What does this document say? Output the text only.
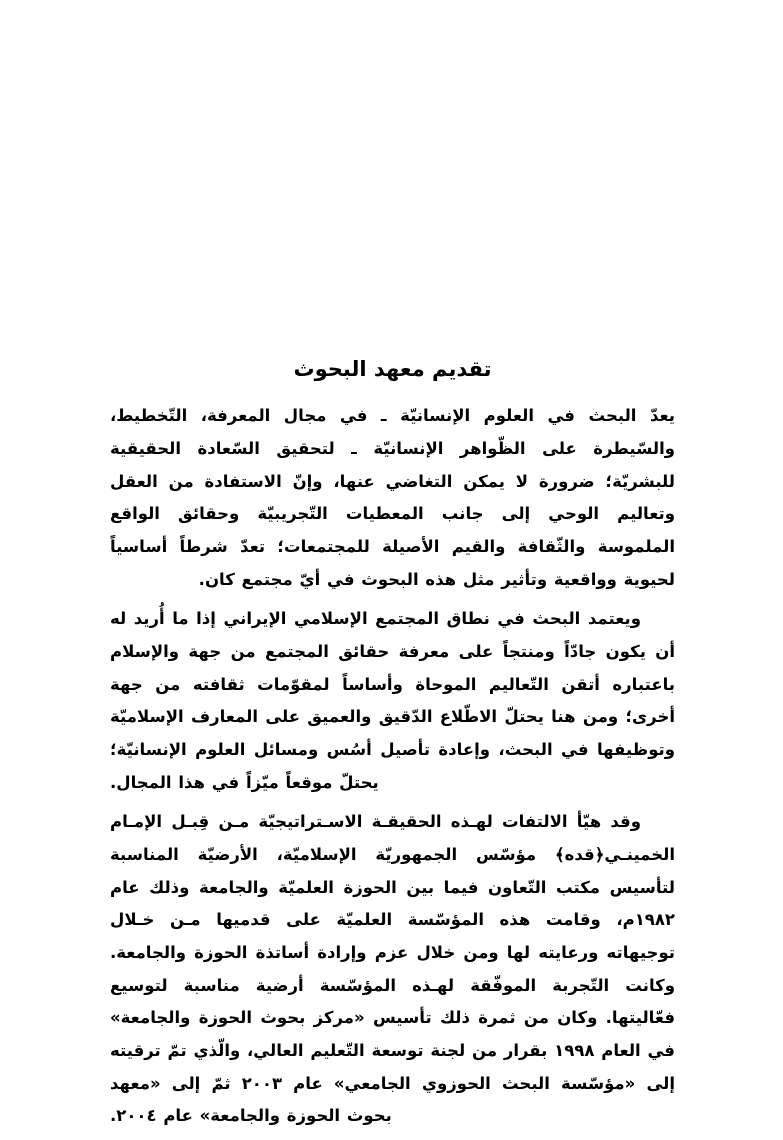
تقديم معهد البحوث

يعدّ البحث في العلوم الإنسانيّة ـ في مجال المعرفة، التّخطيط، والسّيطرة على الظّواهر الإنسانيّة ـ لتحقيق السّعادة الحقيقية للبشريّة؛ ضرورة لا يمكن التغاضي عنها، وإنّ الاستفادة من العقل وتعاليم الوحي إلى جانب المعطيات التّجريبيّة وحقائق الواقع الملموسة والثّقافة والقيم الأصيلة للمجتمعات؛ تعدّ شرطاً أساسياً لحيوية وواقعية وتأثير مثل هذه البحوث في أيّ مجتمع كان.

ويعتمد البحث في نطاق المجتمع الإسلامي الإيراني إذا ما أُريد له أن يكون جادّاً ومنتجاً على معرفة حقائق المجتمع من جهة والإسلام باعتباره أتقن التّعاليم الموحاة وأساساً لمقوّمات ثقافته من جهة أخرى؛ ومن هنا يحتلّ الاطّلاع الدّقيق والعميق على المعارف الإسلاميّة وتوظيفها في البحث، وإعادة تأصيل أسُس ومسائل العلوم الإنسانيّة؛ يحتلّ موقعاً ميّزاً في هذا المجال.

وقد هيّأ الالتفات لهـذه الحقيقـة الاسـتراتيجيّة مـن قِبـل الإمـام الخمينـي﴿قده﴾ مؤسّس الجمهوريّة الإسلاميّة، الأرضيّة المناسبة لتأسيس مكتب التّعاون فيما بين الحوزة العلميّة والجامعة وذلك عام ١٩٨٢م، وقامت هذه المؤسّسة العلميّة على قدميها مـن خـلال توجيهاته ورعايته لها ومن خلال عزم وإرادة أساتذة الحوزة والجامعة. وكانت التّجربة الموفّقة لهـذه المؤسّسة أرضية مناسبة لتوسيع فعّاليتها. وكان من ثمرة ذلك تأسيس «مركز بحوث الحوزة والجامعة» في العام ١٩٩٨ بقرار من لجنة توسعة التّعليم العالي، والّذي تمّ ترقيته إلى «مؤسّسة البحث الحوزوي الجامعي» عام ٢٠٠٣ ثمّ إلى «معهد بحوث الحوزة والجامعة» عام ٢٠٠٤.
